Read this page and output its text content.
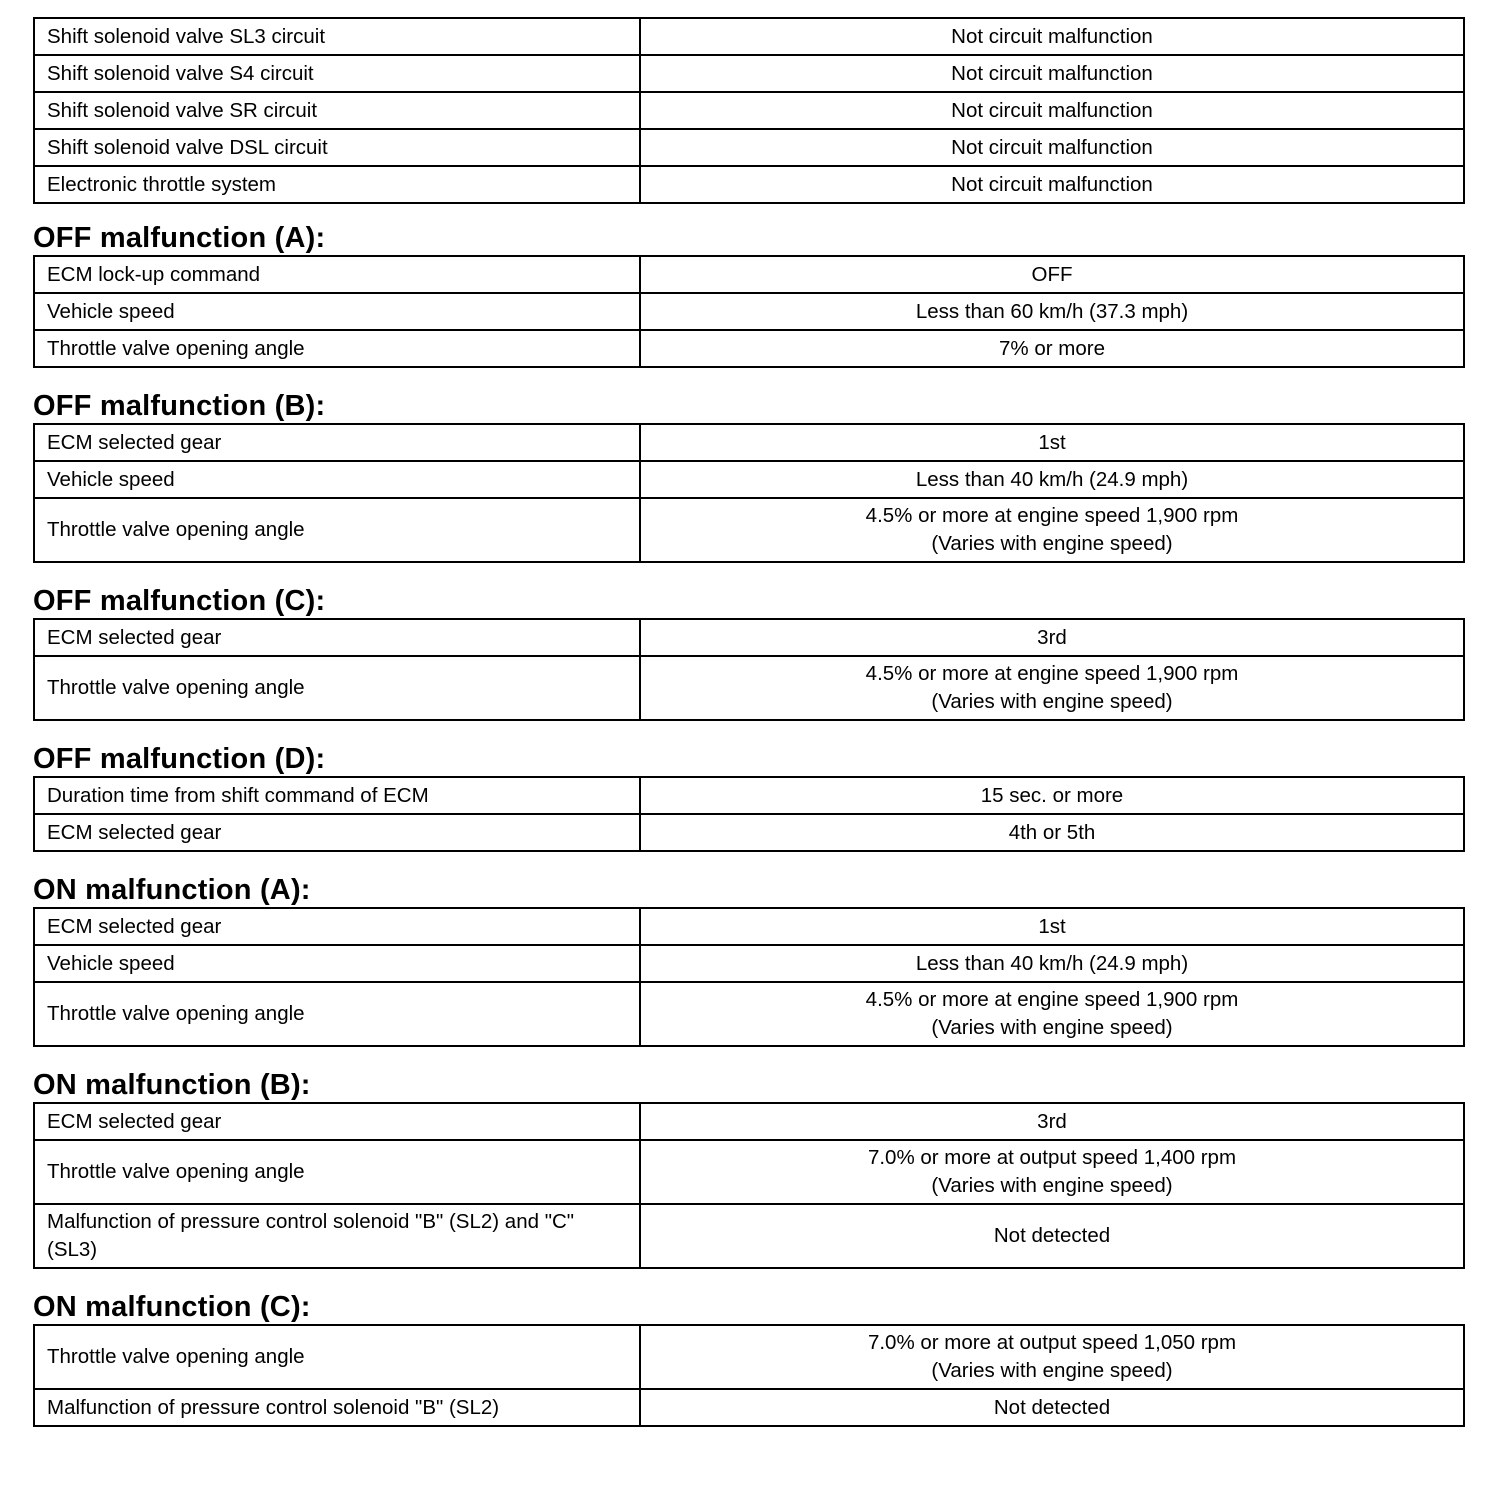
Shift solenoid valve SL3 circuit	Not circuit malfunction

Shift solenoid valve S4 circuit	Not circuit malfunction

Shift solenoid valve SR circuit	Not circuit malfunction

Shift solenoid valve DSL circuit	Not circuit malfunction

Electronic throttle system	Not circuit malfunction
OFF malfunction (A):
ECM lock-up command	OFF

Vehicle speed	Less than 60 km/h (37.3 mph)

Throttle valve opening angle	7% or more
OFF malfunction (B):
ECM selected gear	1st

Vehicle speed	Less than 40 km/h (24.9 mph)

Throttle valve opening angle	4.5% or more at engine speed 1,900 rpm
(Varies with engine speed)
OFF malfunction (C):
ECM selected gear	3rd

Throttle valve opening angle	4.5% or more at engine speed 1,900 rpm
(Varies with engine speed)
OFF malfunction (D):
Duration time from shift command of ECM	15 sec. or more

ECM selected gear	4th or 5th
ON malfunction (A):
ECM selected gear	1st

Vehicle speed	Less than 40 km/h (24.9 mph)

Throttle valve opening angle	4.5% or more at engine speed 1,900 rpm
(Varies with engine speed)
ON malfunction (B):
ECM selected gear	3rd

Throttle valve opening angle	7.0% or more at output speed 1,400 rpm
(Varies with engine speed)

Malfunction of pressure control solenoid "B" (SL2) and "C" (SL3)	Not detected
ON malfunction (C):
Throttle valve opening angle	7.0% or more at output speed 1,050 rpm
(Varies with engine speed)

Malfunction of pressure control solenoid "B" (SL2)	Not detected
